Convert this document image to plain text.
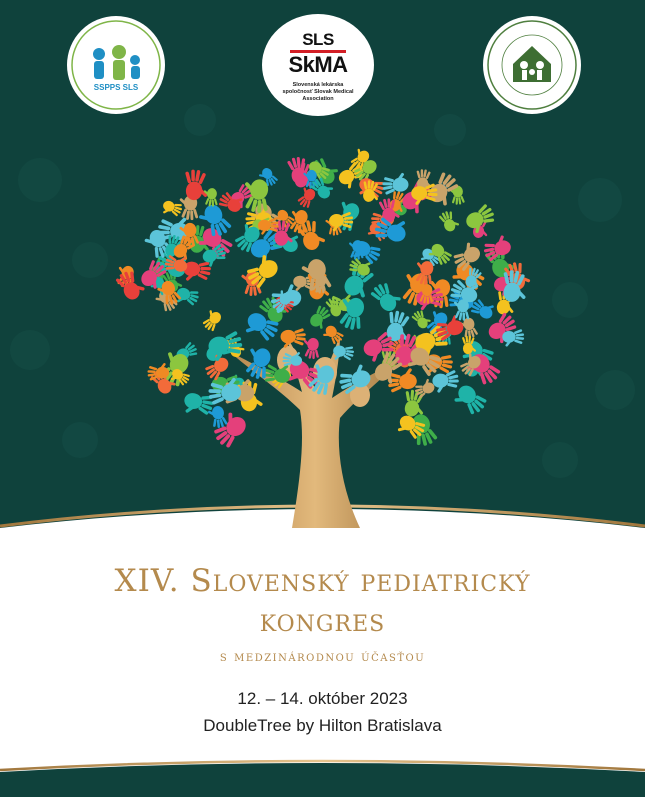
SSPPS SLS
SLS
SkMA
Slovenská lekárska spoločnosť Slovak Medical Association
XIV. Slovenský pediatrický
kongres
s medzinárodnou účasťou
12. – 14. október 2023
DoubleTree by Hilton Bratislava
